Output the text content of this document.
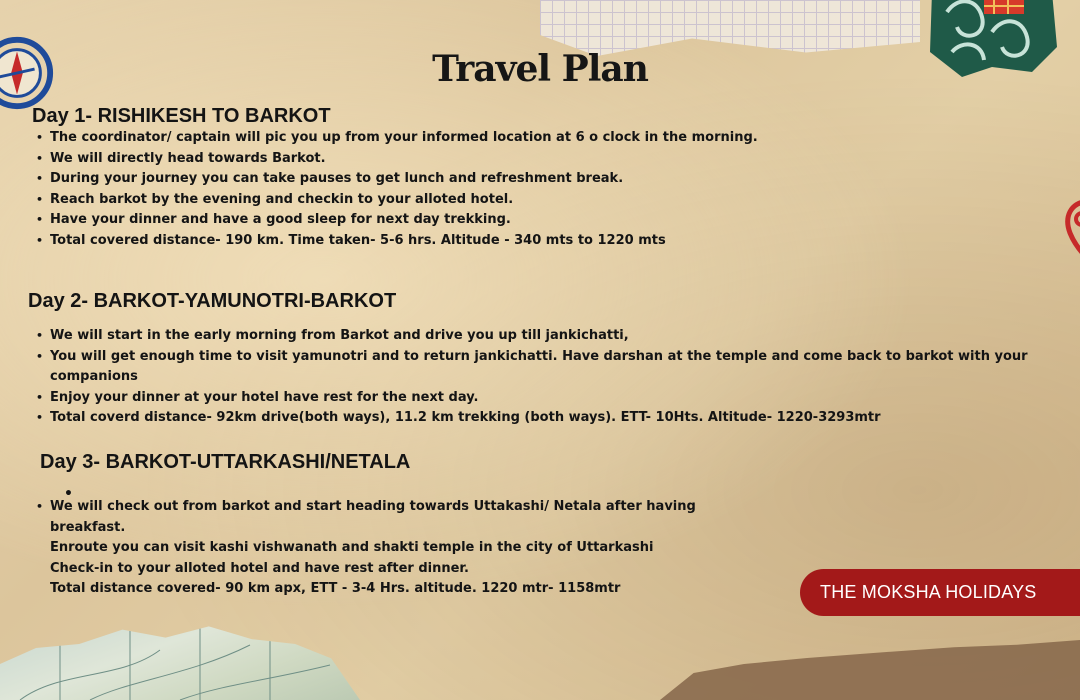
Travel Plan
Day 1- RISHIKESH TO BARKOT
• The coordinator/ captain will pic you up from your informed location at 6 o clock in the morning.
• We will directly head towards Barkot.
• During your journey you can take pauses to get lunch and refreshment break.
• Reach barkot by the evening and checkin to your alloted hotel.
• Have your dinner and have a good sleep for next day trekking.
• Total covered distance- 190 km. Time taken- 5-6 hrs. Altitude - 340 mts to 1220 mts
Day 2- BARKOT-YAMUNOTRI-BARKOT
• We will start in the early morning from Barkot and drive you up till jankichatti,
• You will get enough time to visit yamunotri and to return jankichatti. Have darshan at the temple and come back to barkot with your companions
• Enjoy your dinner at your hotel have rest for the next day.
• Total coverd distance- 92km drive(both ways), 11.2 km trekking (both ways). ETT- 10Hts. Altitude- 1220-3293mtr
Day 3- BARKOT-UTTARKASHI/NETALA
•
• We will check out from barkot and start heading towards Uttakashi/ Netala after having breakfast.
Enroute you can visit kashi vishwanath and shakti temple in the city of Uttarkashi
Check-in to your alloted hotel and have rest after dinner.
Total distance covered- 90 km apx, ETT - 3-4 Hrs. altitude. 1220 mtr- 1158mtr	THE MOKSHA HOLIDAYS
